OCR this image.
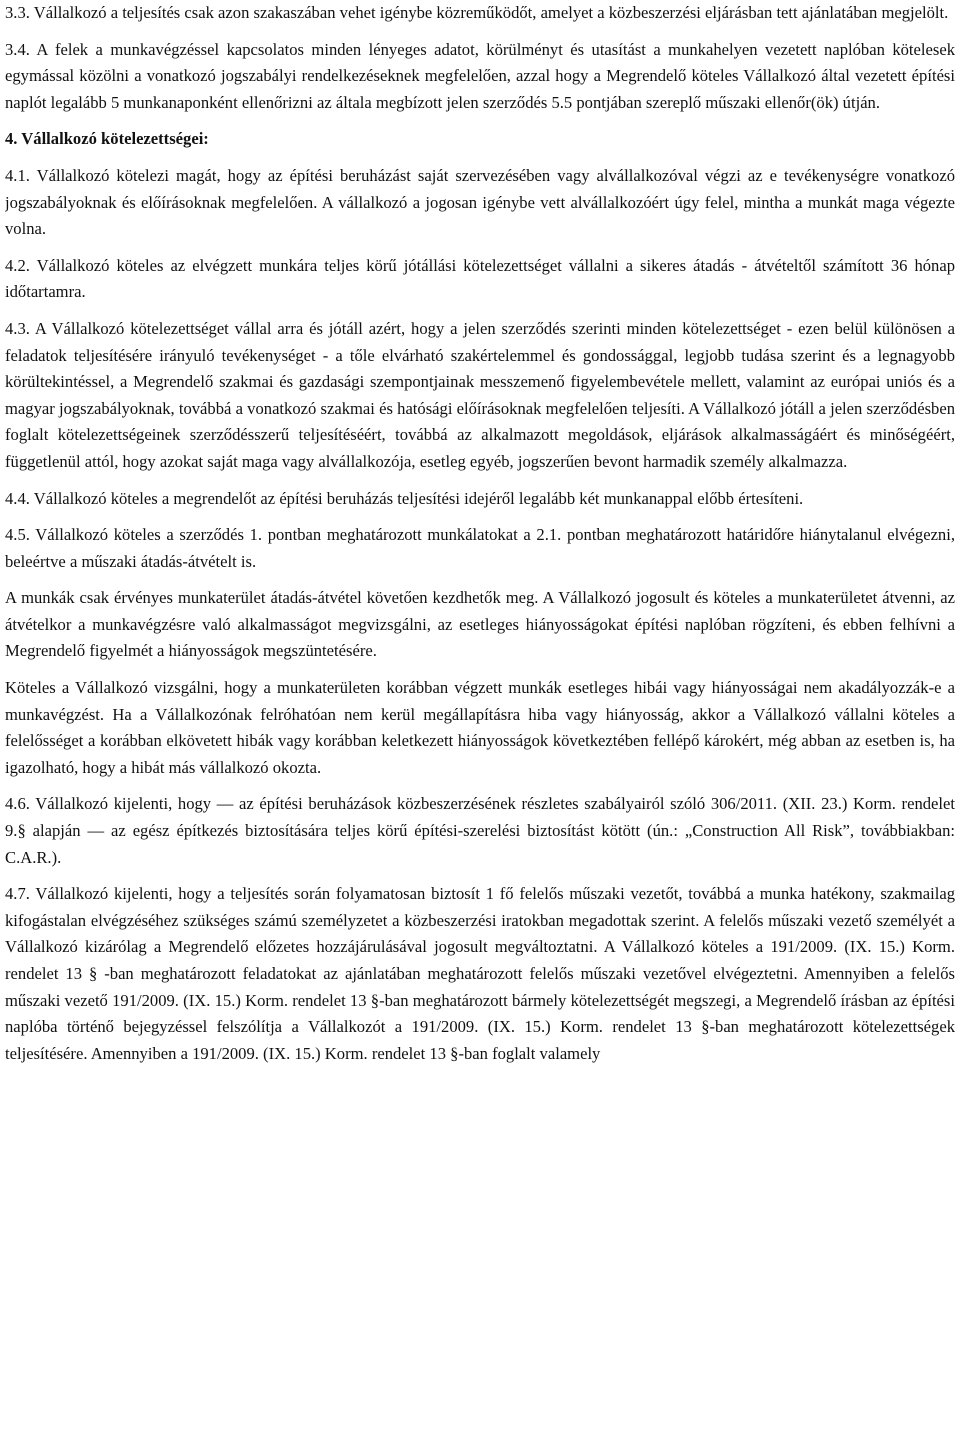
3.3. Vállalkozó a teljesítés csak azon szakaszában vehet igénybe közreműködőt, amelyet a közbeszerzési eljárásban tett ajánlatában megjelölt.

3.4. A felek a munkavégzéssel kapcsolatos minden lényeges adatot, körülményt és utasítást a munkahelyen vezetett naplóban kötelesek egymással közölni a vonatkozó jogszabályi rendelkezéseknek megfelelően, azzal hogy a Megrendelő köteles Vállalkozó által vezetett építési naplót legalább 5 munkanaponként ellenőrizni az általa megbízott jelen szerződés 5.5 pontjában szereplő műszaki ellenőr(ök) útján.

4. Vállalkozó kötelezettségei:

4.1. Vállalkozó kötelezi magát, hogy az építési beruházást saját szervezésében vagy alvállalkozóval végzi az e tevékenységre vonatkozó jogszabályoknak és előírásoknak megfelelően. A vállalkozó a jogosan igénybe vett alvállalkozóért úgy felel, mintha a munkát maga végezte volna.

4.2. Vállalkozó köteles az elvégzett munkára teljes körű jótállási kötelezettséget vállalni a sikeres átadás - átvételtől számított 36 hónap időtartamra.

4.3. A Vállalkozó kötelezettséget vállal arra és jótáll azért, hogy a jelen szerződés szerinti minden kötelezettséget - ezen belül különösen a feladatok teljesítésére irányuló tevékenységet - a tőle elvárható szakértelemmel és gondossággal, legjobb tudása szerint és a legnagyobb körültekintéssel, a Megrendelő szakmai és gazdasági szempontjainak messzemenő figyelembevétele mellett, valamint az európai uniós és a magyar jogszabályoknak, továbbá a vonatkozó szakmai és hatósági előírásoknak megfelelően teljesíti. A Vállalkozó jótáll a jelen szerződésben foglalt kötelezettségeinek szerződésszerű teljesítéséért, továbbá az alkalmazott megoldások, eljárások alkalmasságáért és minőségéért, függetlenül attól, hogy azokat saját maga vagy alvállalkozója, esetleg egyéb, jogszerűen bevont harmadik személy alkalmazza.

4.4. Vállalkozó köteles a megrendelőt az építési beruházás teljesítési idejéről legalább két munkanappal előbb értesíteni.

4.5. Vállalkozó köteles a szerződés 1. pontban meghatározott munkálatokat a 2.1. pontban meghatározott határidőre hiánytalanul elvégezni, beleértve a műszaki átadás-átvételt is.

A munkák csak érvényes munkaterület átadás-átvétel követően kezdhetők meg. A Vállalkozó jogosult és köteles a munkaterületet átvenni, az átvételkor a munkavégzésre való alkalmasságot megvizsgálni, az esetleges hiányosságokat építési naplóban rögzíteni, és ebben felhívni a Megrendelő figyelmét a hiányosságok megszüntetésére.

Köteles a Vállalkozó vizsgálni, hogy a munkaterületen korábban végzett munkák esetleges hibái vagy hiányosságai nem akadályozzák-e a munkavégzést. Ha a Vállalkozónak felróhatóan nem kerül megállapításra hiba vagy hiányosság, akkor a Vállalkozó vállalni köteles a felelősséget a korábban elkövetett hibák vagy korábban keletkezett hiányosságok következtében fellépő károkért, még abban az esetben is, ha igazolható, hogy a hibát más vállalkozó okozta.

4.6. Vállalkozó kijelenti, hogy — az építési beruházások közbeszerzésének részletes szabályairól szóló 306/2011. (XII. 23.) Korm. rendelet 9.§ alapján — az egész építkezés biztosítására teljes körű építési-szerelési biztosítást kötött (ún.: „Construction All Risk”, továbbiakban: C.A.R.).

4.7. Vállalkozó kijelenti, hogy a teljesítés során folyamatosan biztosít 1 fő felelős műszaki vezetőt, továbbá a munka hatékony, szakmailag kifogástalan elvégzéséhez szükséges számú személyzetet a közbeszerzési iratokban megadottak szerint. A felelős műszaki vezető személyét a Vállalkozó kizárólag a Megrendelő előzetes hozzájárulásával jogosult megváltoztatni. A Vállalkozó köteles a 191/2009. (IX. 15.) Korm. rendelet 13 § -ban meghatározott feladatokat az ajánlatában meghatározott felelős műszaki vezetővel elvégeztetni. Amennyiben a felelős műszaki vezető 191/2009. (IX. 15.) Korm. rendelet 13 §-ban meghatározott bármely kötelezettségét megszegi, a Megrendelő írásban az építési naplóba történő bejegyzéssel felszólítja a Vállalkozót a 191/2009. (IX. 15.) Korm. rendelet 13 §-ban meghatározott kötelezettségek teljesítésére. Amennyiben a 191/2009. (IX. 15.) Korm. rendelet 13 §-ban foglalt valamely
